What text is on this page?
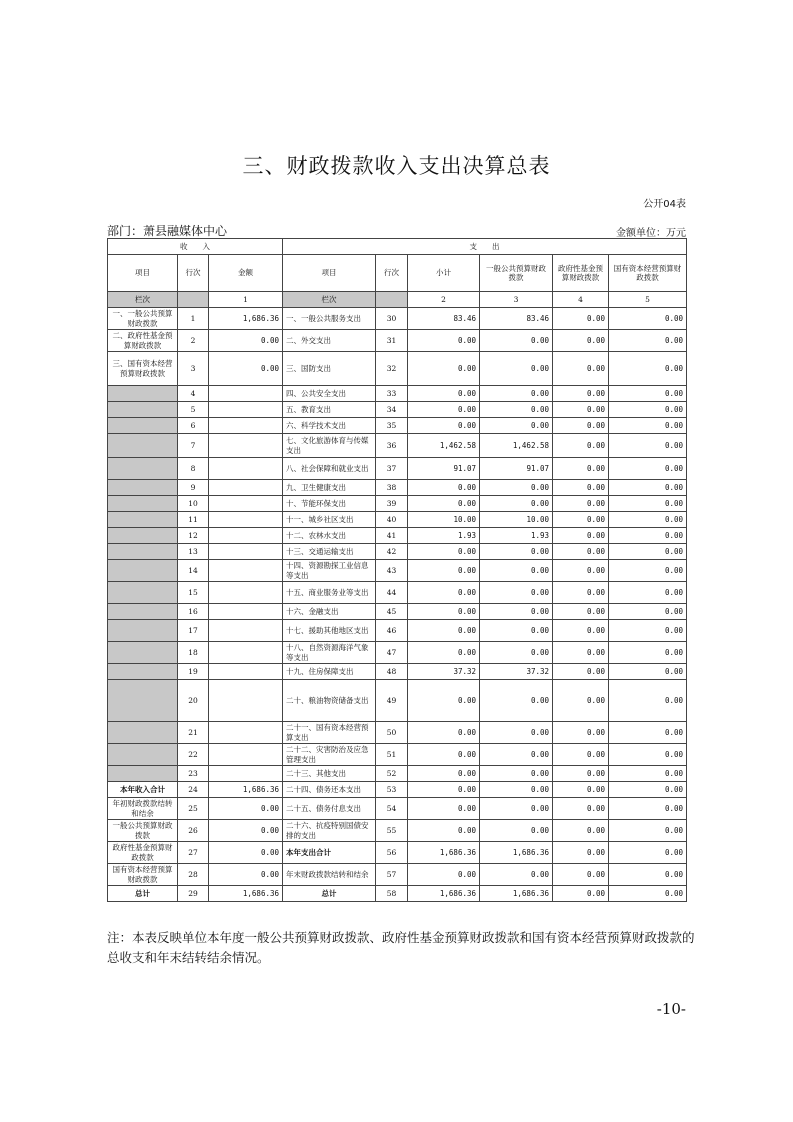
三、财政拨款收入支出决算总表
公开04表
部门：萧县融媒体中心	金额单位：万元
收　　入			支　　出					
项目	行次	金额	项目	行次	小计	一般公共预算财政拨款	政府性基金预算财政拨款	国有资本经营预算财政拨款
栏次		1	栏次		2	3	4	5
一、一般公共预算财政拨款	1	1,686.36	一、一般公共服务支出	30	83.46	83.46	0.00	0.00
二、政府性基金预算财政拨款	2	0.00	二、外交支出	31	0.00	0.00	0.00	0.00
三、国有资本经营预算财政拨款	3	0.00	三、国防支出	32	0.00	0.00	0.00	0.00
	4		四、公共安全支出	33	0.00	0.00	0.00	0.00
	5		五、教育支出	34	0.00	0.00	0.00	0.00
	6		六、科学技术支出	35	0.00	0.00	0.00	0.00
	7		七、文化旅游体育与传媒支出	36	1,462.58	1,462.58	0.00	0.00
	8		八、社会保障和就业支出	37	91.07	91.07	0.00	0.00
	9		九、卫生健康支出	38	0.00	0.00	0.00	0.00
	10		十、节能环保支出	39	0.00	0.00	0.00	0.00
	11		十一、城乡社区支出	40	10.00	10.00	0.00	0.00
	12		十二、农林水支出	41	1.93	1.93	0.00	0.00
	13		十三、交通运输支出	42	0.00	0.00	0.00	0.00
	14		十四、资源勘探工业信息等支出	43	0.00	0.00	0.00	0.00
	15		十五、商业服务业等支出	44	0.00	0.00	0.00	0.00
	16		十六、金融支出	45	0.00	0.00	0.00	0.00
	17		十七、援助其他地区支出	46	0.00	0.00	0.00	0.00
	18		十八、自然资源海洋气象等支出	47	0.00	0.00	0.00	0.00
	19		十九、住房保障支出	48	37.32	37.32	0.00	0.00
	20		二十、粮油物资储备支出	49	0.00	0.00	0.00	0.00
	21		二十一、国有资本经营预算支出	50	0.00	0.00	0.00	0.00
	22		二十二、灾害防治及应急管理支出	51	0.00	0.00	0.00	0.00
	23		二十三、其他支出	52	0.00	0.00	0.00	0.00
本年收入合计	24	1,686.36	二十四、债务还本支出	53	0.00	0.00	0.00	0.00
年初财政拨款结转和结余	25	0.00	二十五、债务付息支出	54	0.00	0.00	0.00	0.00
一般公共预算财政拨款	26	0.00	二十六、抗疫特别国债安排的支出	55	0.00	0.00	0.00	0.00
政府性基金预算财政拨款	27	0.00	本年支出合计	56	1,686.36	1,686.36	0.00	0.00
国有资本经营预算财政拨款	28	0.00	年末财政拨款结转和结余	57	0.00	0.00	0.00	0.00
总计	29	1,686.36	总计	58	1,686.36	1,686.36	0.00	0.00
注：本表反映单位本年度一般公共预算财政拨款、政府性基金预算财政拨款和国有资本经营预算财政拨款的总收支和年末结转结余情况。
-10-
